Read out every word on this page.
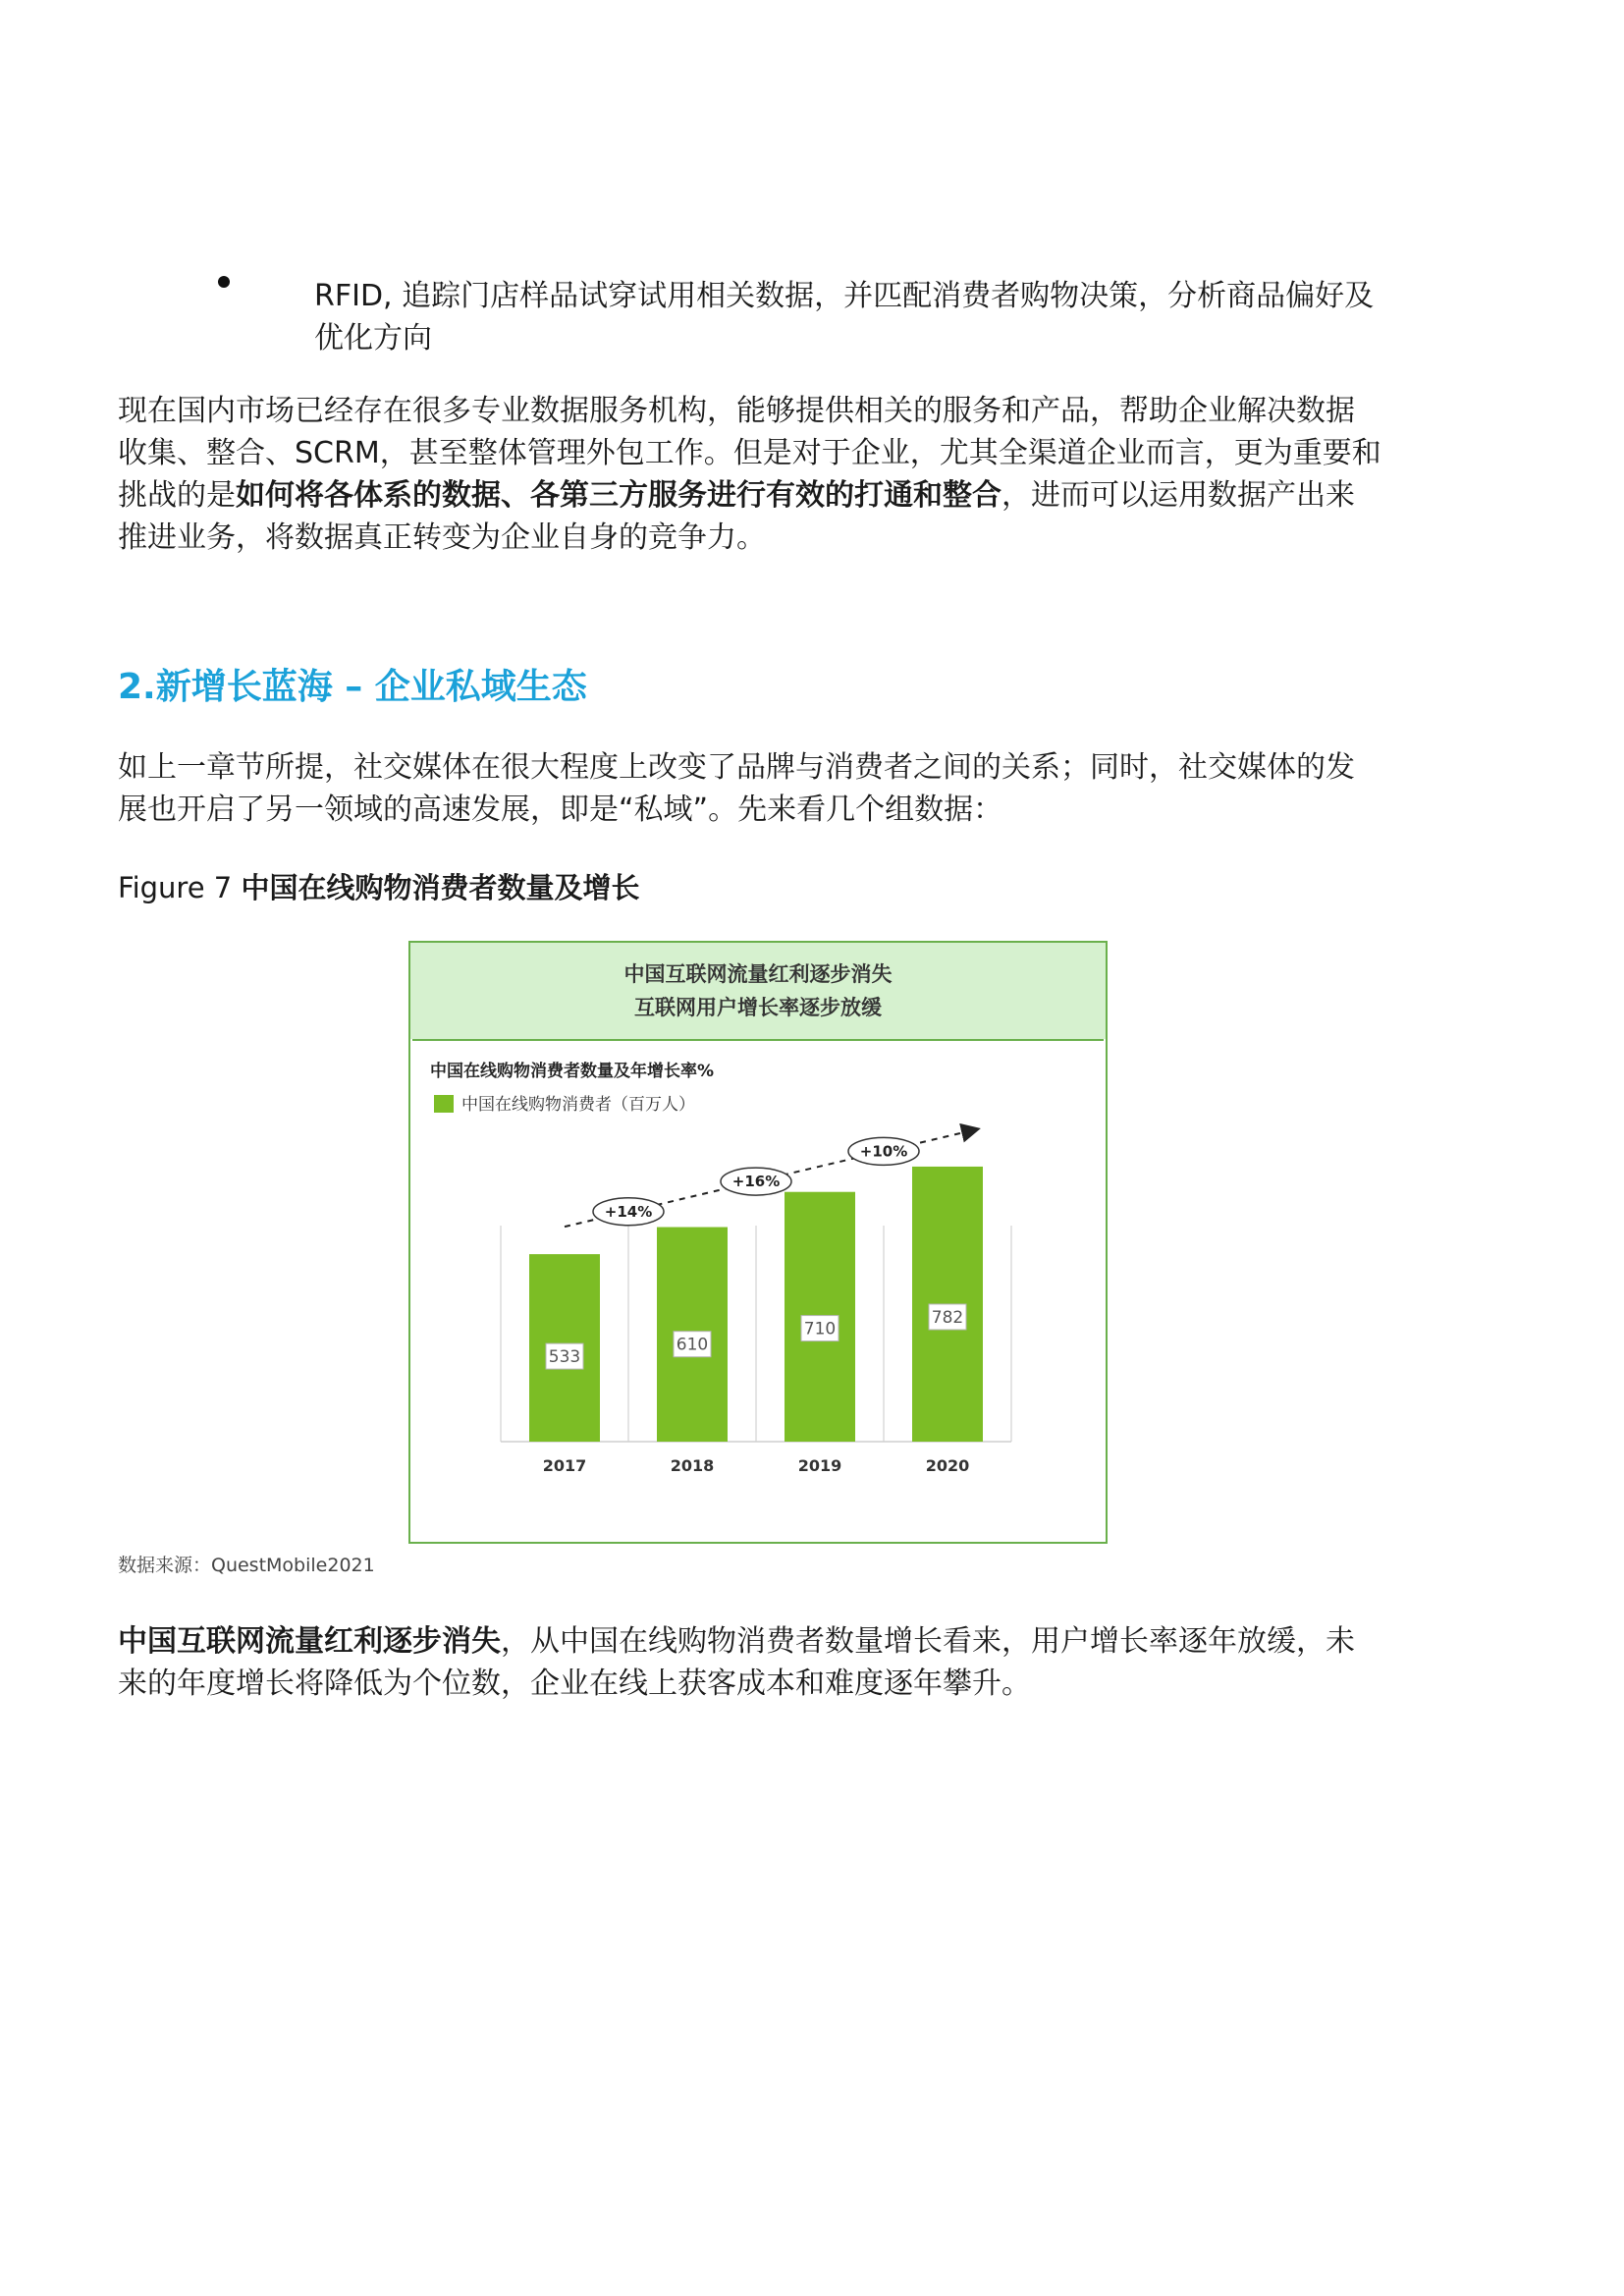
RFID, 追踪门店样品试穿试用相关数据，并匹配消费者购物决策，分析商品偏好及
优化方向
现在国内市场已经存在很多专业数据服务机构，能够提供相关的服务和产品，帮助企业解决数据
收集、整合、SCRM，甚至整体管理外包工作。但是对于企业，尤其全渠道企业而言，更为重要和
挑战的是如何将各体系的数据、各第三方服务进行有效的打通和整合，进而可以运用数据产出来
推进业务，将数据真正转变为企业自身的竞争力。
2.新增长蓝海 – 企业私域生态
如上一章节所提，社交媒体在很大程度上改变了品牌与消费者之间的关系；同时，社交媒体的发
展也开启了另一领域的高速发展，即是“私域”。先来看几个组数据：
Figure 7 中国在线购物消费者数量及增长
中国互联网流量红利逐步消失
互联网用户增长率逐步放缓
中国在线购物消费者数量及年增长率%
中国在线购物消费者（百万人）
533
2017
610
2018
710
2019
782
2020
+14%
+16%
+10%
数据来源：QuestMobile2021
中国互联网流量红利逐步消失，从中国在线购物消费者数量增长看来，用户增长率逐年放缓，未
来的年度增长将降低为个位数，企业在线上获客成本和难度逐年攀升。
